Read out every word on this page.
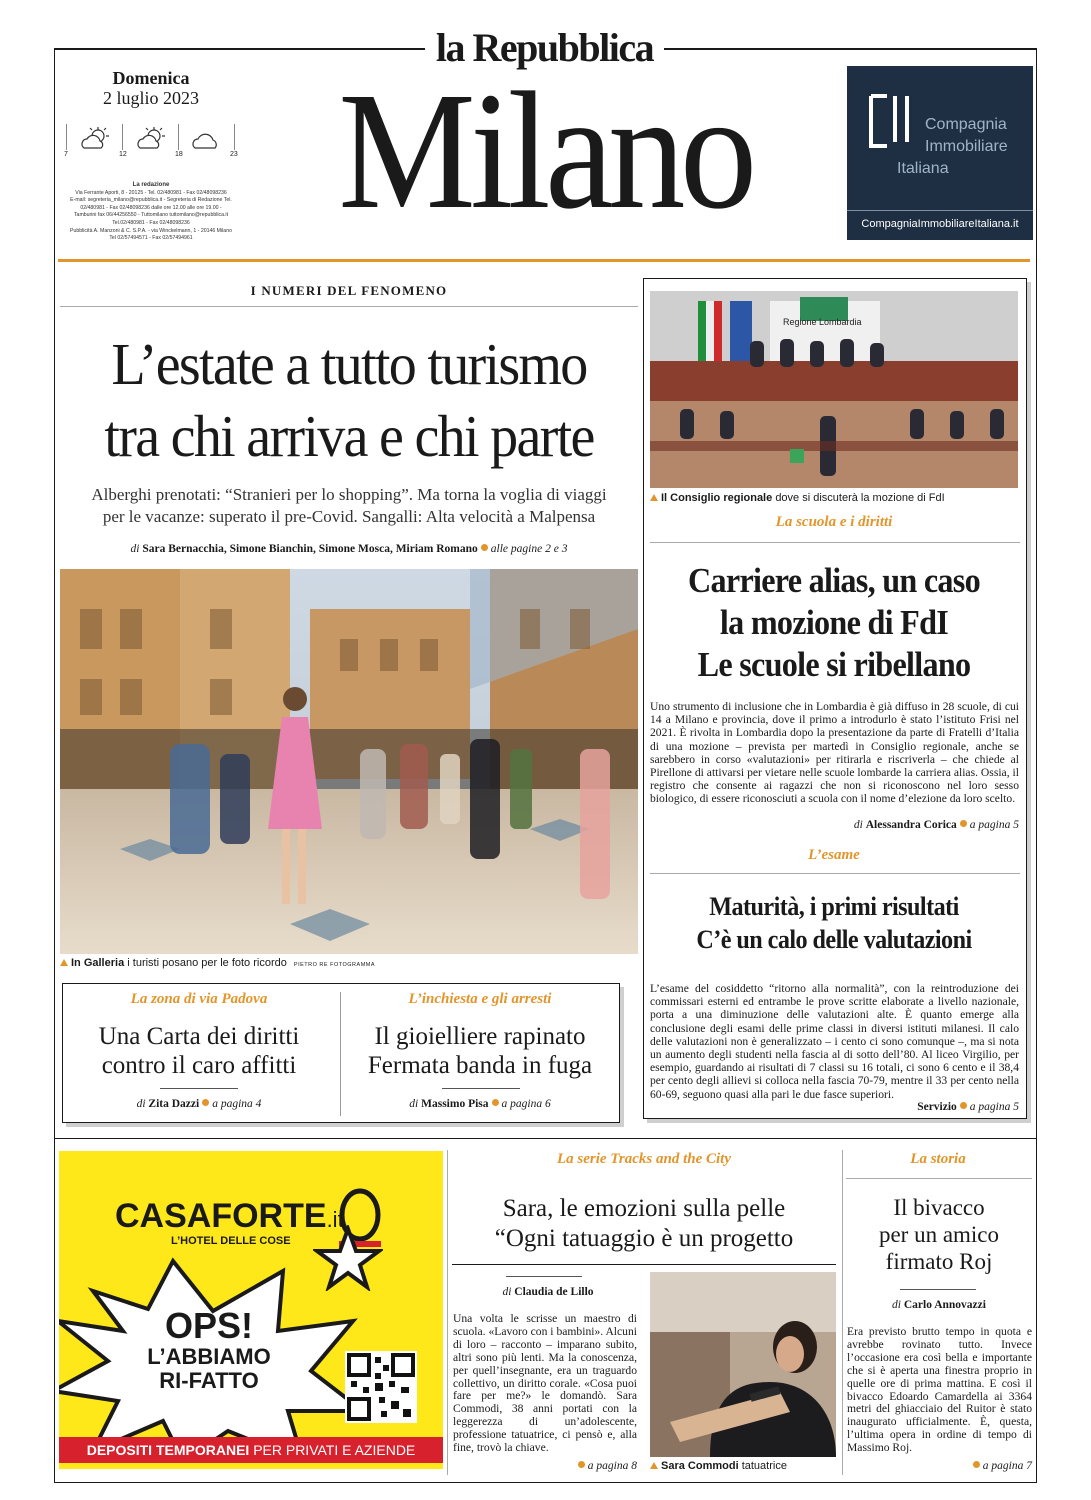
la Repubblica
Domenica
2 luglio 2023
7	12	18	23
La redazione
Via Ferrante Aporti, 8 - 20125 - Tel. 02/480981 - Fax 02/48098236
E-mail: segreteria_milano@repubblica.it - Segreteria di Redazione Tel.
02/480981 - Fax 02/48098236 dalle ore 12.00 alle ore 19.00 -
Tamburini fax 06/44256550 - Tuttomilano tuttomilano@repubblica.it
Tel.02/480981 - Fax 02/48098236
Pubblicità A. Manzoni & C. S.P.A. - via Winckelmann, 1 - 20146 Milano
Tel 02/57494571 - Fax 02/57494961 Milano	Compagnia
Immobiliare
Italiana
CompagniaImmobiliareItaliana.it
I NUMERI DEL FENOMENO
L’estate a tutto turismo
tra chi arriva e chi parte
Alberghi prenotati: “Stranieri per lo shopping”. Ma torna la voglia di viaggi
per le vacanze: superato il pre-Covid. Sangalli: Alta velocità a Malpensa
di Sara Bernacchia, Simone Bianchin, Simone Mosca, Miriam Romano alle pagine 2 e 3
In Galleria i turisti posano per le foto ricordo PIETRO RE FOTOGRAMMA
La zona di via Padova
Una Carta dei diritti
contro il caro affitti
di Zita Dazzi a pagina 4
L’inchiesta e gli arresti
Il gioielliere rapinato
Fermata banda in fuga
di Massimo Pisa a pagina 6
Regione Lombardia
Il Consiglio regionale dove si discuterà la mozione di FdI
La scuola e i diritti
Carriere alias, un caso
la mozione di FdI
Le scuole si ribellano
Uno strumento di inclusione che in Lombardia è già diffuso in 28 scuole, di cui 14 a Milano e provincia, dove il primo a introdurlo è stato l’istituto Frisi nel 2021. È rivolta in Lombardia dopo la presentazione da parte di Fratelli d’Italia di una mozione – prevista per martedì in Consiglio regionale, anche se sarebbero in corso «valutazioni» per ritirarla e riscriverla – che chiede al Pirellone di attivarsi per vietare nelle scuole lombarde la carriera alias. Ossia, il registro che consente ai ragazzi che non si riconoscono nel loro sesso biologico, di essere riconosciuti a scuola con il nome d’elezione da loro scelto.
di Alessandra Corica a pagina 5
L’esame
Maturità, i primi risultati
C’è un calo delle valutazioni
L’esame del cosiddetto “ritorno alla normalità”, con la reintroduzione dei commissari esterni ed entrambe le prove scritte elaborate a livello nazionale, porta a una diminuzione delle valutazioni alte. È quanto emerge alla conclusione degli esami delle prime classi in diversi istituti milanesi. Il calo delle valutazioni non è generalizzato – i cento ci sono comunque –, ma si nota un aumento degli studenti nella fascia al di sotto dell’80. Al liceo Virgilio, per esempio, guardando ai risultati di 7 classi su 16 totali, ci sono 6 cento e il 38,4 per cento degli allievi si colloca nella fascia 70-79, mentre il 33 per cento nella 60-69, seguono quasi alla pari le due fasce superiori.
Servizio a pagina 5
CASAFORTE.it
L’HOTEL DELLE COSE
OPS!
L’ABBIAMO
RI-FATTO
DEPOSITI TEMPORANEI PER PRIVATI E AZIENDE
La serie Tracks and the City
Sara, le emozioni sulla pelle
“Ogni tatuaggio è un progetto
di Claudia de Lillo
Una volta le scrisse un maestro di scuola. «Lavoro con i bambini». Alcuni di loro – racconto – imparano subito, altri sono più lenti. Ma la conoscenza, per quell’insegnante, era un traguardo collettivo, un diritto corale. «Cosa puoi fare per me?» le domandò. Sara Commodi, 38 anni portati con la leggerezza di un’adolescente, professione tatuatrice, ci pensò e, alla fine, trovò la chiave.
a pagina 8	Sara Commodi tatuatrice
La storia
Il bivacco
per un amico
firmato Roj
di Carlo Annovazzi
Era previsto brutto tempo in quota e avrebbe rovinato tutto. Invece l’occasione era così bella e importante che si è aperta una finestra proprio in quelle ore di prima mattina. E così il bivacco Edoardo Camardella ai 3364 metri del ghiacciaio del Ruitor è stato inaugurato ufficialmente. È, questa, l’ultima opera in ordine di tempo di Massimo Roj.
a pagina 7
